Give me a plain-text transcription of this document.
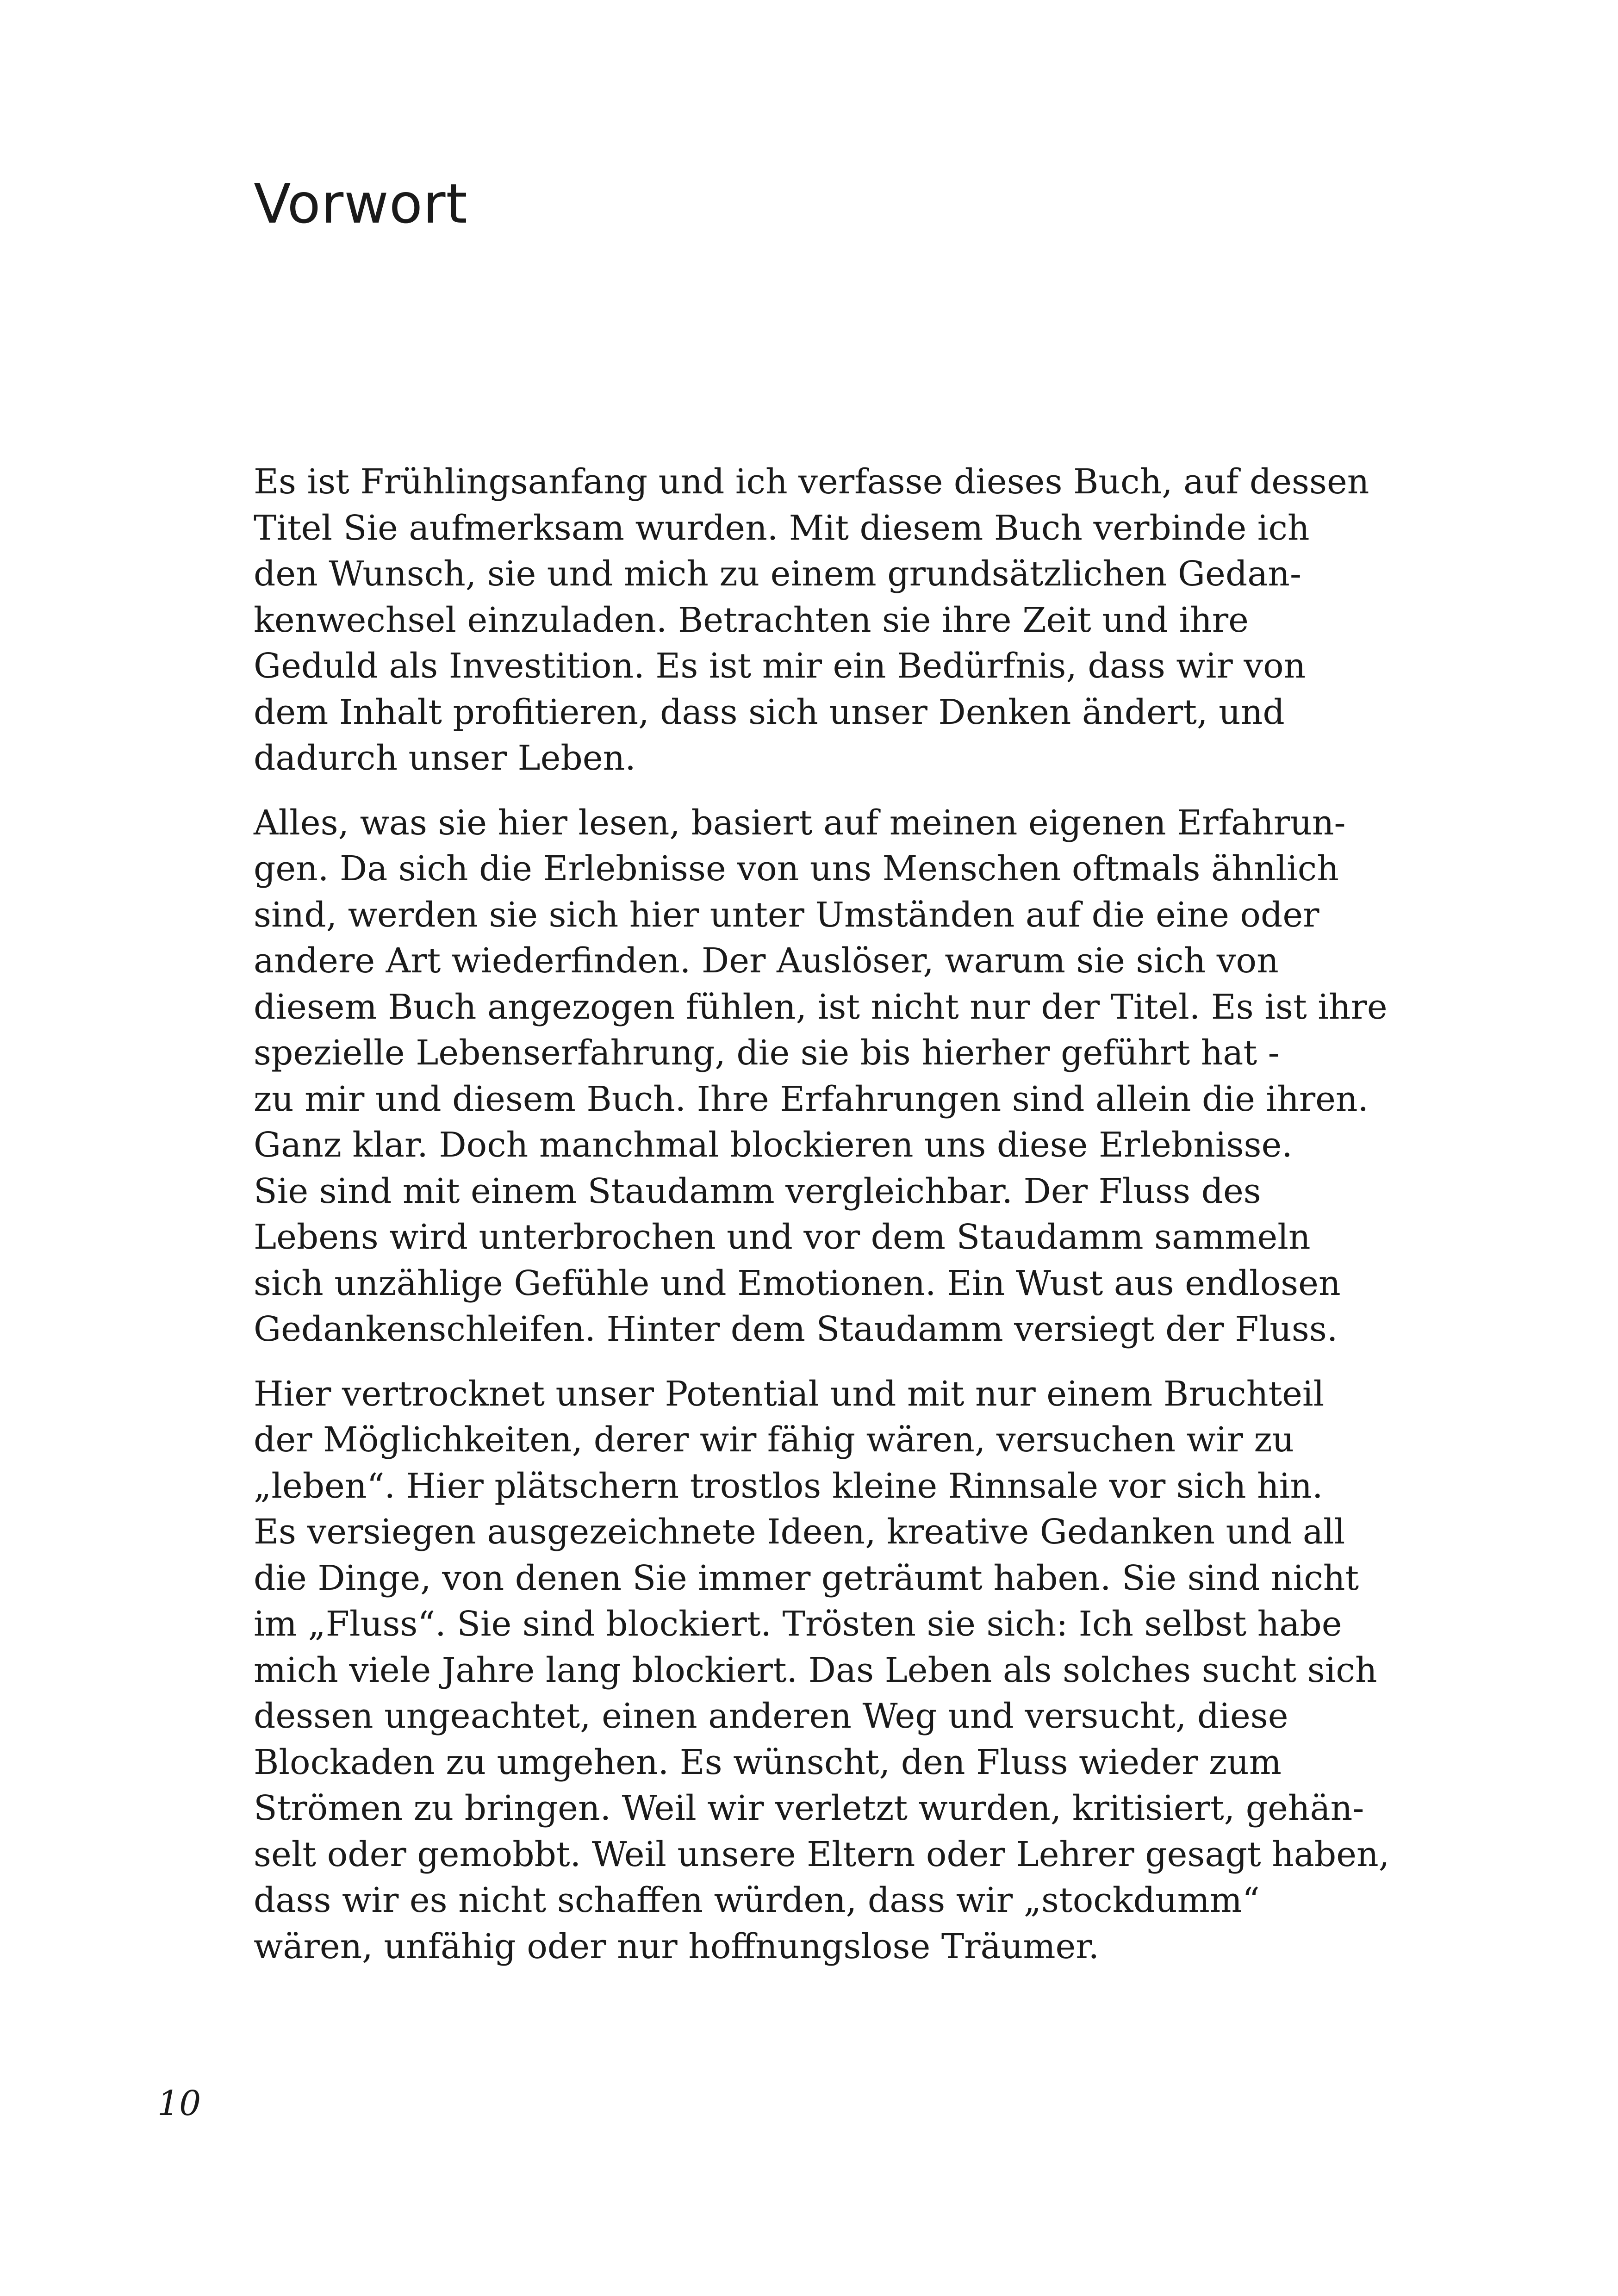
Vorwort

Es ist Frühlingsanfang und ich verfasse dieses Buch, auf dessen
Titel Sie aufmerksam wurden. Mit diesem Buch verbinde ich
den Wunsch, sie und mich zu einem grundsätzlichen Gedan-
kenwechsel einzuladen. Betrachten sie ihre Zeit und ihre
Geduld als Investition. Es ist mir ein Bedürfnis, dass wir von
dem Inhalt profitieren, dass sich unser Denken ändert, und
dadurch unser Leben.

Alles, was sie hier lesen, basiert auf meinen eigenen Erfahrun-
gen. Da sich die Erlebnisse von uns Menschen oftmals ähnlich
sind, werden sie sich hier unter Umständen auf die eine oder
andere Art wiederfinden. Der Auslöser, warum sie sich von
diesem Buch angezogen fühlen, ist nicht nur der Titel. Es ist ihre
spezielle Lebenserfahrung, die sie bis hierher geführt hat -
zu mir und diesem Buch. Ihre Erfahrungen sind allein die ihren.
Ganz klar. Doch manchmal blockieren uns diese Erlebnisse.
Sie sind mit einem Staudamm vergleichbar. Der Fluss des
Lebens wird unterbrochen und vor dem Staudamm sammeln
sich unzählige Gefühle und Emotionen. Ein Wust aus endlosen
Gedankenschleifen. Hinter dem Staudamm versiegt der Fluss.

Hier vertrocknet unser Potential und mit nur einem Bruchteil
der Möglichkeiten, derer wir fähig wären, versuchen wir zu
„leben“. Hier plätschern trostlos kleine Rinnsale vor sich hin.
Es versiegen ausgezeichnete Ideen, kreative Gedanken und all
die Dinge, von denen Sie immer geträumt haben. Sie sind nicht
im „Fluss“. Sie sind blockiert. Trösten sie sich: Ich selbst habe
mich viele Jahre lang blockiert. Das Leben als solches sucht sich
dessen ungeachtet, einen anderen Weg und versucht, diese
Blockaden zu umgehen. Es wünscht, den Fluss wieder zum
Strömen zu bringen. Weil wir verletzt wurden, kritisiert, gehän-
selt oder gemobbt. Weil unsere Eltern oder Lehrer gesagt haben,
dass wir es nicht schaffen würden, dass wir „stockdumm“
wären, unfähig oder nur hoffnungslose Träumer.

10
